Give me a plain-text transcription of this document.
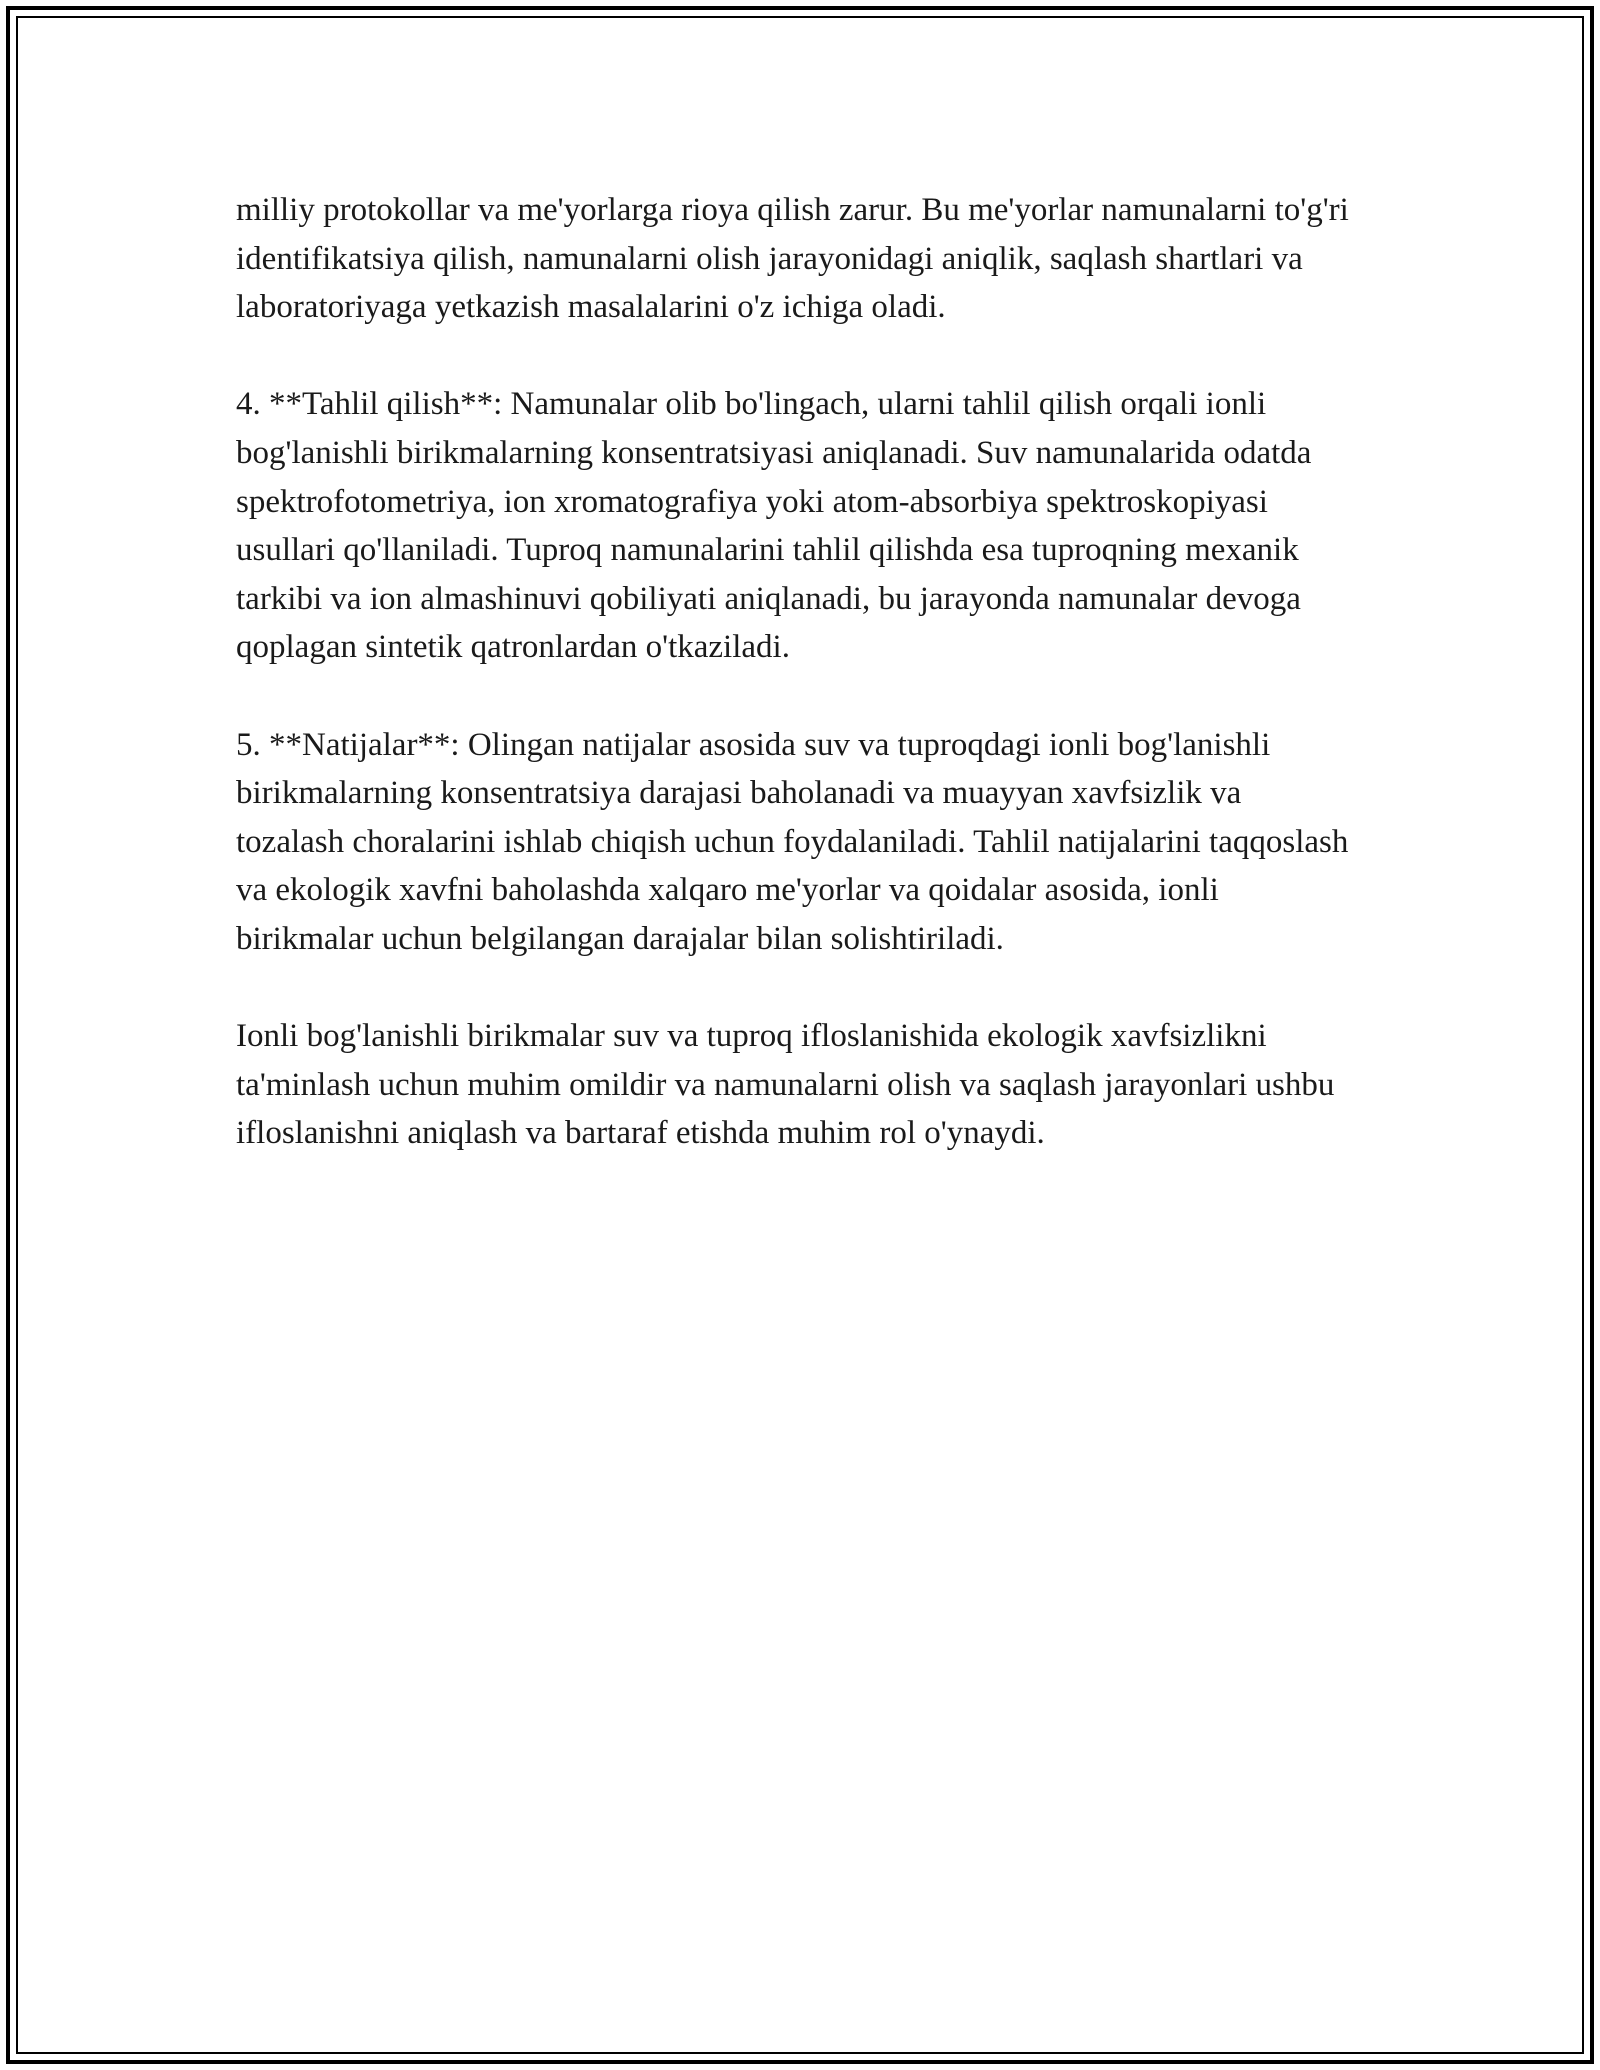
milliy protokollar va me'yorlarga rioya qilish zarur. Bu me'yorlar namunalarni to'g'ri identifikatsiya qilish, namunalarni olish jarayonidagi aniqlik, saqlash shartlari va laboratoriyaga yetkazish masalalarini o'z ichiga oladi.

4. **Tahlil qilish**: Namunalar olib bo'lingach, ularni tahlil qilish orqali ionli bog'lanishli birikmalarning konsentratsiyasi aniqlanadi. Suv namunalarida odatda spektrofotometriya, ion xromatografiya yoki atom-absorbiya spektroskopiyasi usullari qo'llaniladi. Tuproq namunalarini tahlil qilishda esa tuproqning mexanik tarkibi va ion almashinuvi qobiliyati aniqlanadi, bu jarayonda namunalar devoga qoplagan sintetik qatronlardan o'tkaziladi.

5. **Natijalar**: Olingan natijalar asosida suv va tuproqdagi ionli bog'lanishli birikmalarning konsentratsiya darajasi baholanadi va muayyan xavfsizlik va tozalash choralarini ishlab chiqish uchun foydalaniladi. Tahlil natijalarini taqqoslash va ekologik xavfni baholashda xalqaro me'yorlar va qoidalar asosida, ionli birikmalar uchun belgilangan darajalar bilan solishtiriladi.

Ionli bog'lanishli birikmalar suv va tuproq ifloslanishida ekologik xavfsizlikni ta'minlash uchun muhim omildir va namunalarni olish va saqlash jarayonlari ushbu ifloslanishni aniqlash va bartaraf etishda muhim rol o'ynaydi.
